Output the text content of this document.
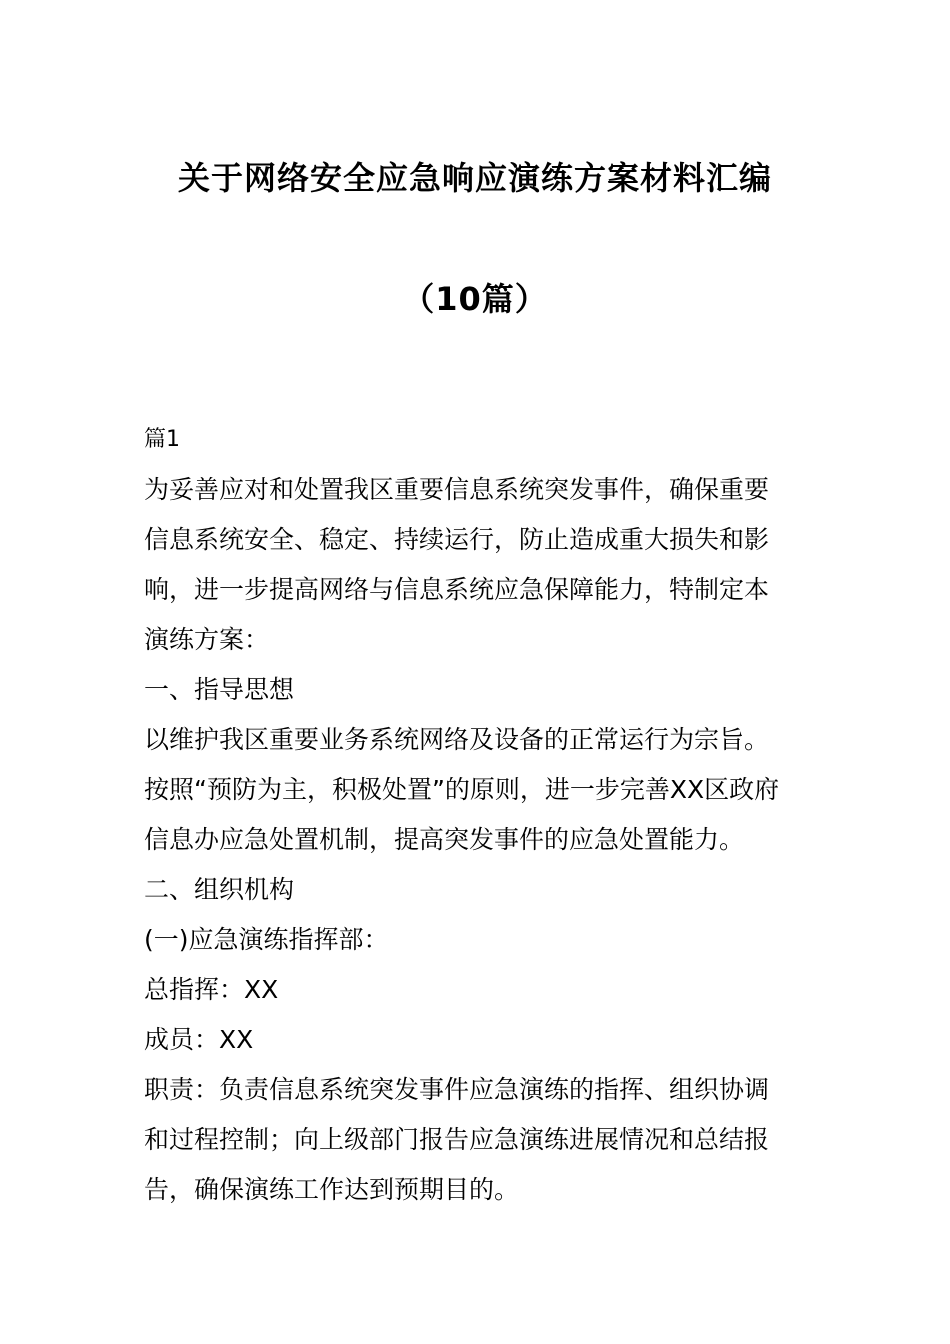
关于网络安全应急响应演练方案材料汇编
（10篇）
篇1
为妥善应对和处置我区重要信息系统突发事件，确保重要
信息系统安全、稳定、持续运行，防止造成重大损失和影
响，进一步提高网络与信息系统应急保障能力，特制定本
演练方案：
一、指导思想
以维护我区重要业务系统网络及设备的正常运行为宗旨。
按照“预防为主，积极处置”的原则，进一步完善XX区政府
信息办应急处置机制，提高突发事件的应急处置能力。
二、组织机构
(一)应急演练指挥部：
总指挥：XX
成员：XX
职责：负责信息系统突发事件应急演练的指挥、组织协调
和过程控制；向上级部门报告应急演练进展情况和总结报
告，确保演练工作达到预期目的。
